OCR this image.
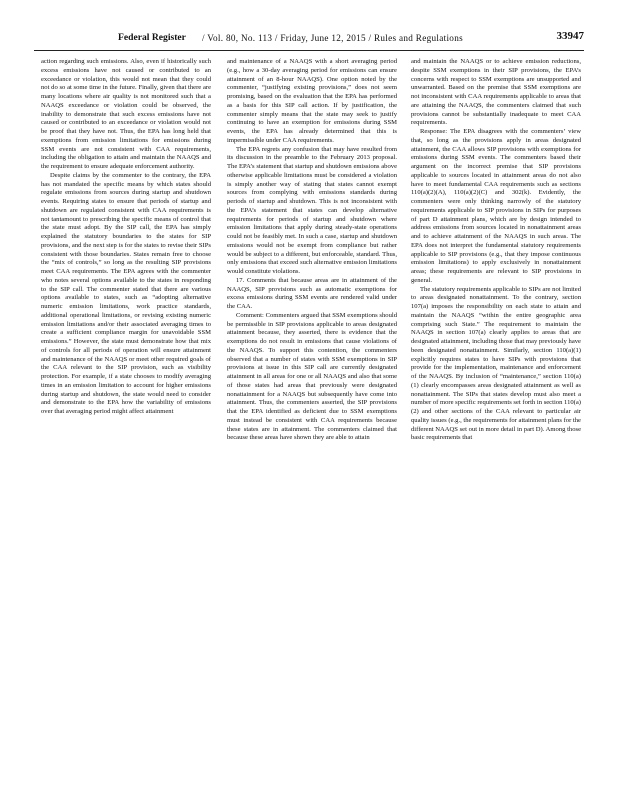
Federal Register / Vol. 80, No. 113 / Friday, June 12, 2015 / Rules and Regulations	33947

action regarding such emissions. Also, even if historically such excess emissions have not caused or contributed to an exceedance or violation, this would not mean that they could not do so at some time in the future. Finally, given that there are many locations where air quality is not monitored such that a NAAQS exceedance or violation could be observed, the inability to demonstrate that such excess emissions have not caused or contributed to an exceedance or violation would not be proof that they have not. Thus, the EPA has long held that exemptions from emission limitations for emissions during SSM events are not consistent with CAA requirements, including the obligation to attain and maintain the NAAQS and the requirement to ensure adequate enforcement authority.

Despite claims by the commenter to the contrary, the EPA has not mandated the specific means by which states should regulate emissions from sources during startup and shutdown events. Requiring states to ensure that periods of startup and shutdown are regulated consistent with CAA requirements is not tantamount to prescribing the specific means of control that the state must adopt. By the SIP call, the EPA has simply explained the statutory boundaries to the states for SIP provisions, and the next step is for the states to revise their SIPs consistent with those boundaries. States remain free to choose the “mix of controls,” so long as the resulting SIP provisions meet CAA requirements. The EPA agrees with the commenter who notes several options available to the states in responding to the SIP call. The commenter stated that there are various options available to states, such as “adopting alternative numeric emission limitations, work practice standards, additional operational limitations, or revising existing numeric emission limitations and/or their associated averaging times to create a sufficient compliance margin for unavoidable SSM emissions.” However, the state must demonstrate how that mix of controls for all periods of operation will ensure attainment and maintenance of the NAAQS or meet other required goals of the CAA relevant to the SIP provision, such as visibility protection. For example, if a state chooses to modify averaging times in an emission limitation to account for higher emissions during startup and shutdown, the state would need to consider and demonstrate to the EPA how the variability of emissions over that averaging period might affect attainment

and maintenance of a NAAQS with a short averaging period (e.g., how a 30-day averaging period for emissions can ensure attainment of an 8-hour NAAQS). One option noted by the commenter, “justifying existing provisions,” does not seem promising, based on the evaluation that the EPA has performed as a basis for this SIP call action. If by justification, the commenter simply means that the state may seek to justify continuing to have an exemption for emissions during SSM events, the EPA has already determined that this is impermissible under CAA requirements.

The EPA regrets any confusion that may have resulted from its discussion in the preamble to the February 2013 proposal. The EPA’s statement that startup and shutdown emissions above otherwise applicable limitations must be considered a violation is simply another way of stating that states cannot exempt sources from complying with emissions standards during periods of startup and shutdown. This is not inconsistent with the EPA’s statement that states can develop alternative requirements for periods of startup and shutdown where emission limitations that apply during steady-state operations could not be feasibly met. In such a case, startup and shutdown emissions would not be exempt from compliance but rather would be subject to a different, but enforceable, standard. Thus, only emissions that exceed such alternative emission limitations would constitute violations.

17. Comments that because areas are in attainment of the NAAQS, SIP provisions such as automatic exemptions for excess emissions during SSM events are rendered valid under the CAA.

Comment: Commenters argued that SSM exemptions should be permissible in SIP provisions applicable to areas designated attainment because, they asserted, there is evidence that the exemptions do not result in emissions that cause violations of the NAAQS. To support this contention, the commenters observed that a number of states with SSM exemptions in SIP provisions at issue in this SIP call are currently designated attainment in all areas for one or all NAAQS and also that some of those states had areas that previously were designated nonattainment for a NAAQS but subsequently have come into attainment. Thus, the commenters asserted, the SIP provisions that the EPA identified as deficient due to SSM exemptions must instead be consistent with CAA requirements because these states are in attainment. The commenters claimed that because these areas have shown they are able to attain

and maintain the NAAQS or to achieve emission reductions, despite SSM exemptions in their SIP provisions, the EPA’s concerns with respect to SSM exemptions are unsupported and unwarranted. Based on the premise that SSM exemptions are not inconsistent with CAA requirements applicable to areas that are attaining the NAAQS, the commenters claimed that such provisions cannot be substantially inadequate to meet CAA requirements.

Response: The EPA disagrees with the commenters’ view that, so long as the provisions apply in areas designated attainment, the CAA allows SIP provisions with exemptions for emissions during SSM events. The commenters based their argument on the incorrect premise that SIP provisions applicable to sources located in attainment areas do not also have to meet fundamental CAA requirements such as sections 110(a)(2)(A), 110(a)(2)(C) and 302(k). Evidently, the commenters were only thinking narrowly of the statutory requirements applicable to SIP provisions in SIPs for purposes of part D attainment plans, which are by design intended to address emissions from sources located in nonattainment areas and to achieve attainment of the NAAQS in such areas. The EPA does not interpret the fundamental statutory requirements applicable to SIP provisions (e.g., that they impose continuous emission limitations) to apply exclusively in nonattainment areas; these requirements are relevant to SIP provisions in general.

The statutory requirements applicable to SIPs are not limited to areas designated nonattainment. To the contrary, section 107(a) imposes the responsibility on each state to attain and maintain the NAAQS “within the entire geographic area comprising such State.” The requirement to maintain the NAAQS in section 107(a) clearly applies to areas that are designated attainment, including those that may previously have been designated nonattainment. Similarly, section 110(a)(1) explicitly requires states to have SIPs with provisions that provide for the implementation, maintenance and enforcement of the NAAQS. By inclusion of “maintenance,” section 110(a)(1) clearly encompasses areas designated attainment as well as nonattainment. The SIPs that states develop must also meet a number of more specific requirements set forth in section 110(a)(2) and other sections of the CAA relevant to particular air quality issues (e.g., the requirements for attainment plans for the different NAAQS set out in more detail in part D). Among those basic requirements that
